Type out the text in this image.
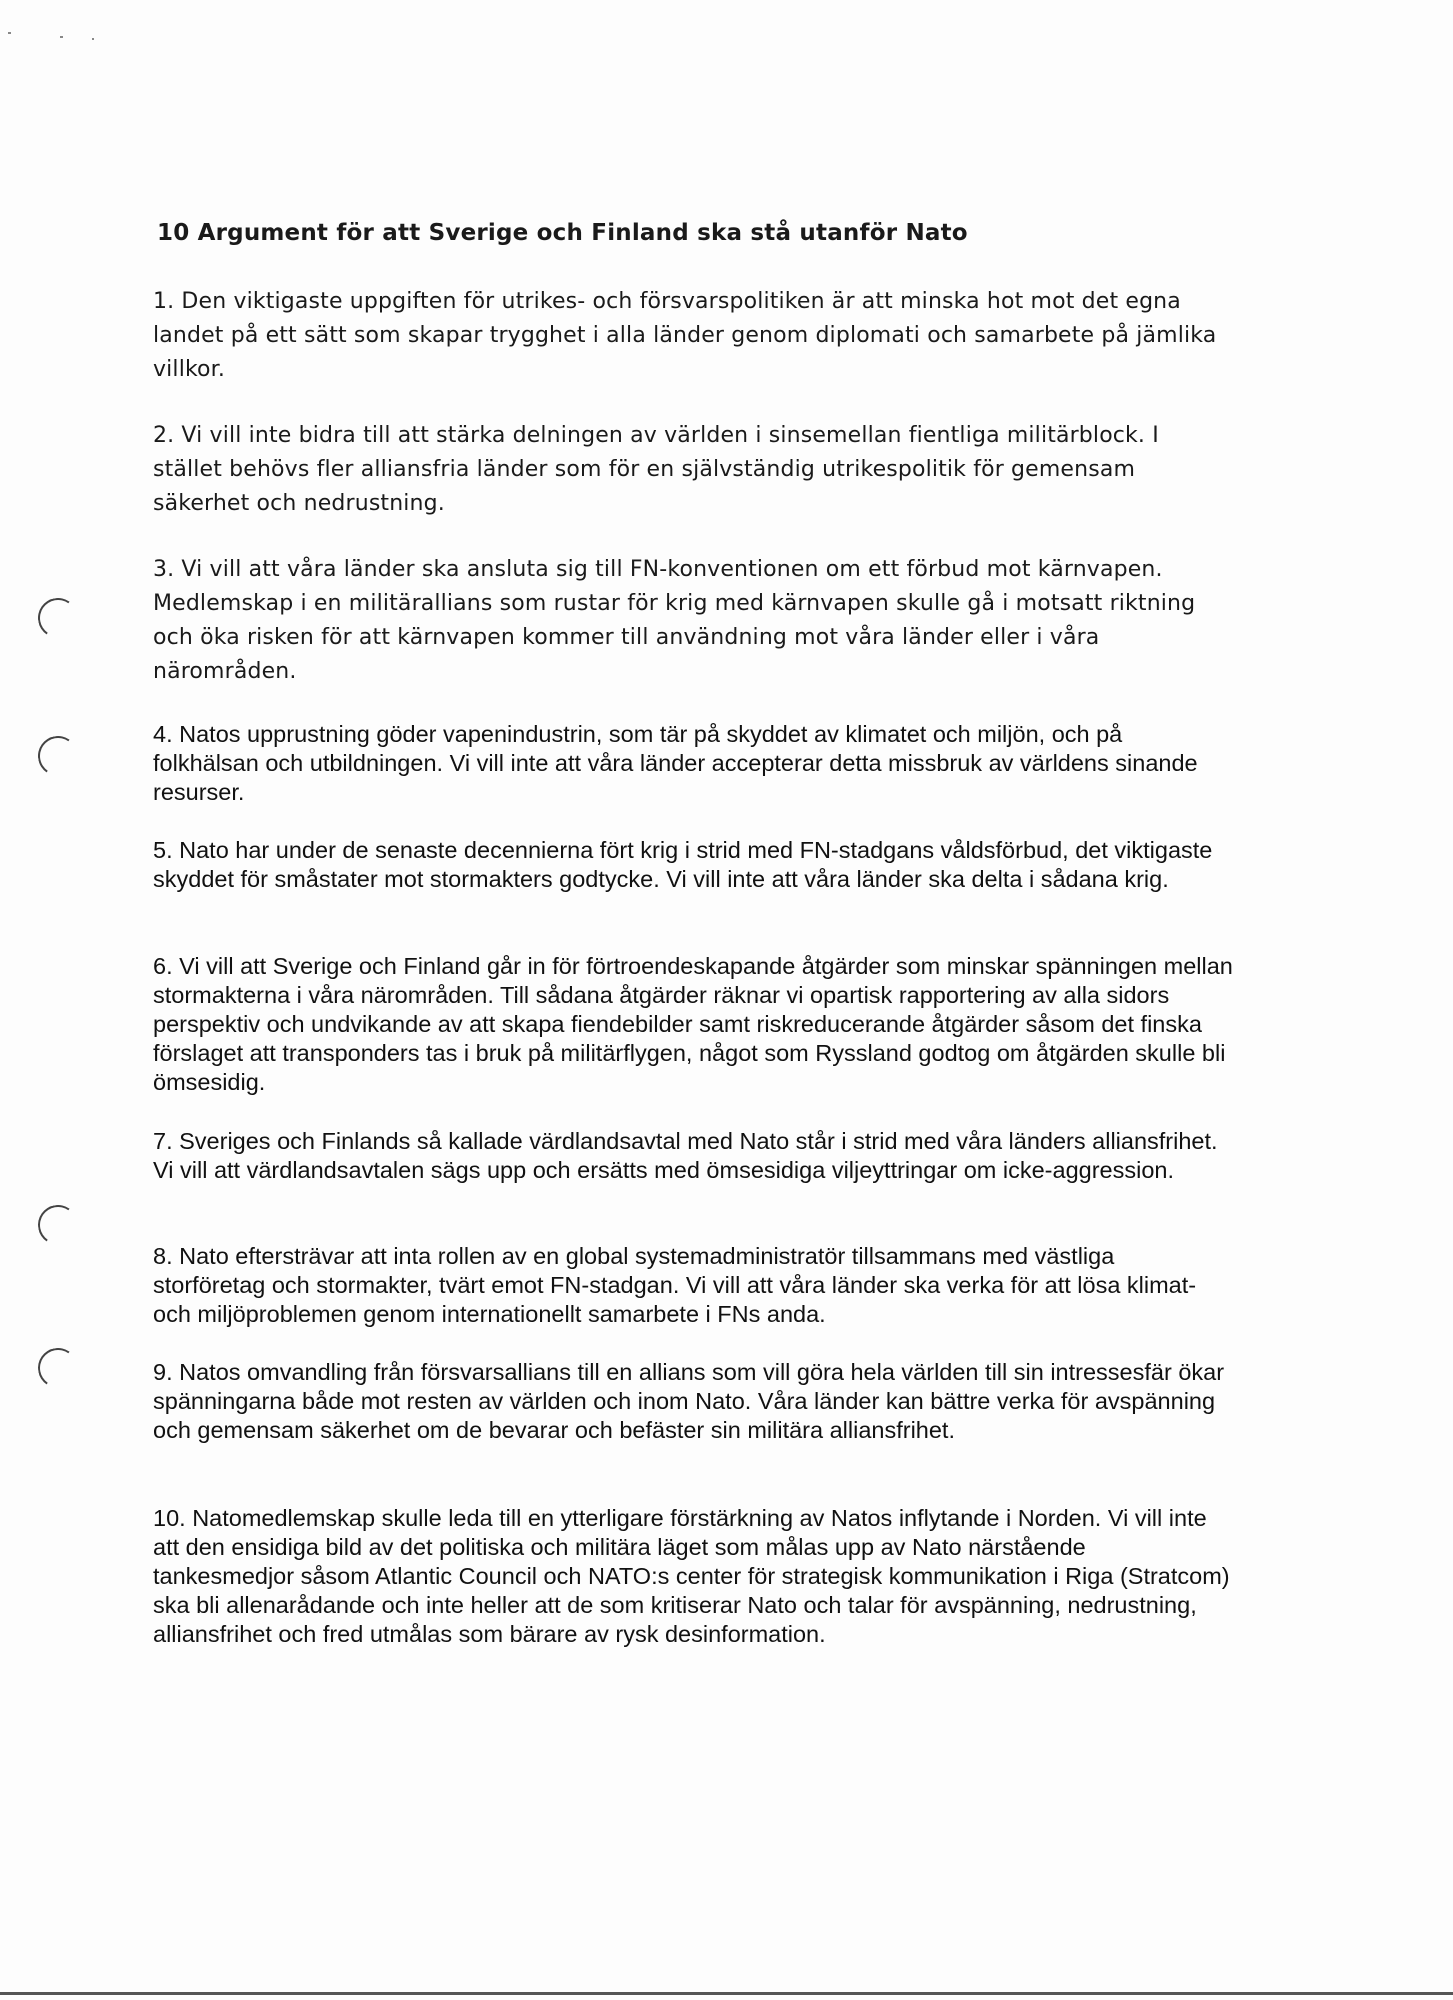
10 Argument för att Sverige och Finland ska stå utanför Nato

1. Den viktigaste uppgiften för utrikes- och försvarspolitiken är att minska hot mot det egna landet på ett sätt som skapar trygghet i alla länder genom diplomati och samarbete på jämlika villkor.

2. Vi vill inte bidra till att stärka delningen av världen i sinsemellan fientliga militärblock. I stället behövs fler alliansfria länder som för en självständig utrikespolitik för gemensam säkerhet och nedrustning.

3. Vi vill att våra länder ska ansluta sig till FN-konventionen om ett förbud mot kärnvapen. Medlemskap i en militärallians som rustar för krig med kärnvapen skulle gå i motsatt riktning och öka risken för att kärnvapen kommer till användning mot våra länder eller i våra närområden.

4. Natos upprustning göder vapenindustrin, som tär på skyddet av klimatet och miljön, och på folkhälsan och utbildningen. Vi vill inte att våra länder accepterar detta missbruk av världens sinande resurser.

5. Nato har under de senaste decennierna fört krig i strid med FN-stadgans våldsförbud, det viktigaste skyddet för småstater mot stormakters godtycke. Vi vill inte att våra länder ska delta i sådana krig.

6. Vi vill att Sverige och Finland går in för förtroendeskapande åtgärder som minskar spänningen mellan stormakterna i våra närområden. Till sådana åtgärder räknar vi opartisk rapportering av alla sidors perspektiv och undvikande av att skapa fiendebilder samt riskreducerande åtgärder såsom det finska förslaget att transponders tas i bruk på militärflygen, något som Ryssland godtog om åtgärden skulle bli ömsesidig.

7. Sveriges och Finlands så kallade värdlandsavtal med Nato står i strid med våra länders alliansfrihet. Vi vill att värdlandsavtalen sägs upp och ersätts med ömsesidiga viljeyttringar om icke-aggression.

8. Nato eftersträvar att inta rollen av en global systemadministratör tillsammans med västliga storföretag och stormakter, tvärt emot FN-stadgan. Vi vill att våra länder ska verka för att lösa klimat- och miljöproblemen genom internationellt samarbete i FNs anda.

9. Natos omvandling från försvarsallians till en allians som vill göra hela världen till sin intressesfär ökar spänningarna både mot resten av världen och inom Nato. Våra länder kan bättre verka för avspänning och gemensam säkerhet om de bevarar och befäster sin militära alliansfrihet.

10. Natomedlemskap skulle leda till en ytterligare förstärkning av Natos inflytande i Norden. Vi vill inte att den ensidiga bild av det politiska och militära läget som målas upp av Nato närstående tankesmedjor såsom Atlantic Council och NATO:s center för strategisk kommunikation i Riga (Stratcom) ska bli allenarådande och inte heller att de som kritiserar Nato och talar för avspänning, nedrustning, alliansfrihet och fred utmålas som bärare av rysk desinformation.
